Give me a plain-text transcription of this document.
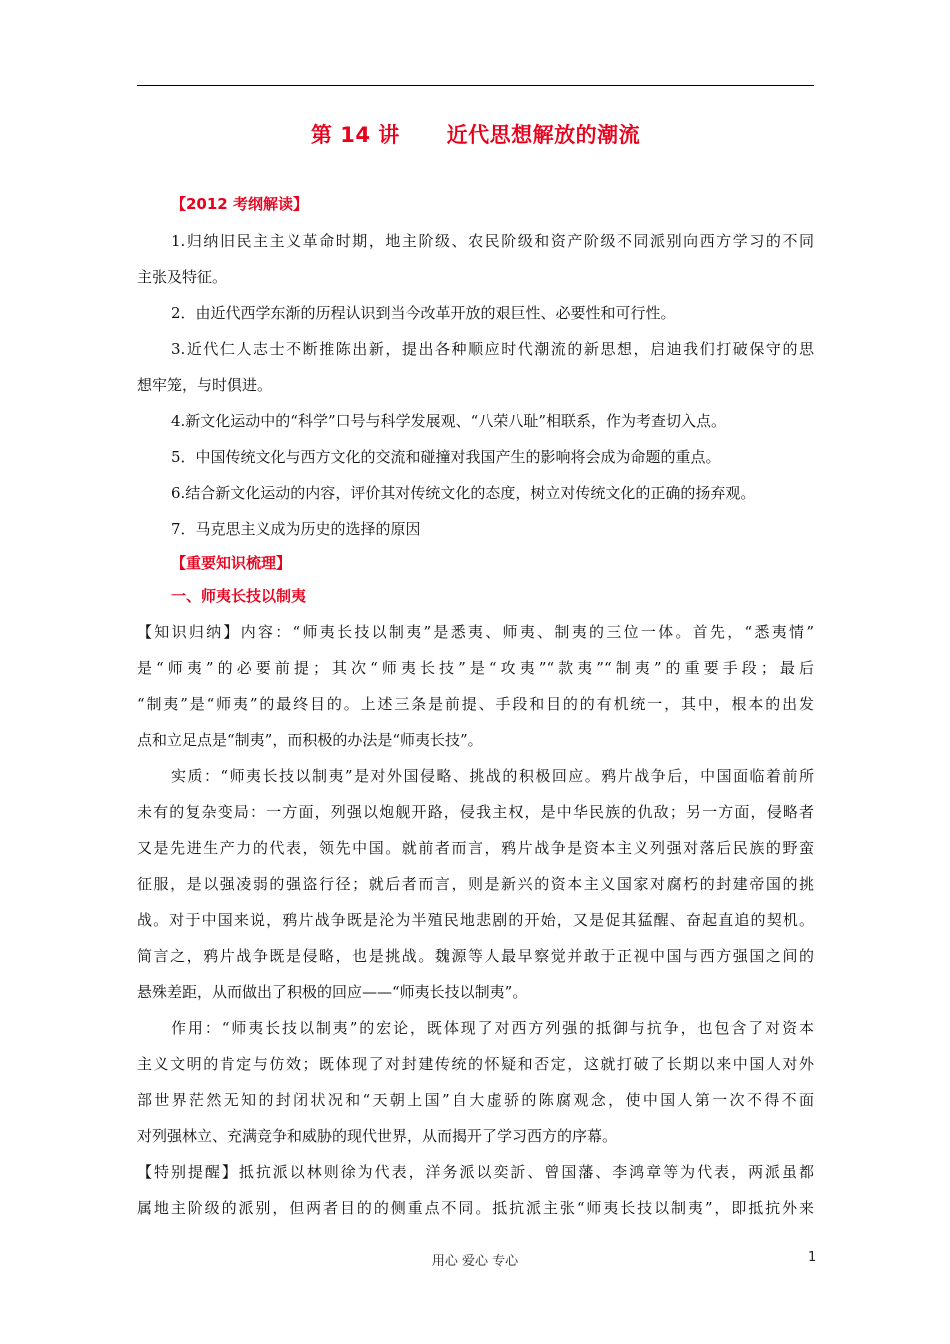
第 14 讲      近代思想解放的潮流
【2012 考纲解读】
1.归纳旧民主主义革命时期，地主阶级、农民阶级和资产阶级不同派别向西方学习的不同
主张及特征。
2．由近代西学东渐的历程认识到当今改革开放的艰巨性、必要性和可行性。
3.近代仁人志士不断推陈出新，提出各种顺应时代潮流的新思想，启迪我们打破保守的思
想牢笼，与时俱进。
4.新文化运动中的“科学”口号与科学发展观、“八荣八耻”相联系，作为考查切入点。
5．中国传统文化与西方文化的交流和碰撞对我国产生的影响将会成为命题的重点。
6.结合新文化运动的内容，评价其对传统文化的态度，树立对传统文化的正确的扬弃观。
7．马克思主义成为历史的选择的原因
【重要知识梳理】
一、师夷长技以制夷
【知识归纳】内容：“师夷长技以制夷”是悉夷、师夷、制夷的三位一体。首先，“悉夷情”
是“师夷”的必要前提；其次“师夷长技”是“攻夷”“款夷”“制夷”的重要手段；最后
“制夷”是“师夷”的最终目的。上述三条是前提、手段和目的的有机统一，其中，根本的出发
点和立足点是“制夷”，而积极的办法是“师夷长技”。
实质：“师夷长技以制夷”是对外国侵略、挑战的积极回应。鸦片战争后，中国面临着前所
未有的复杂变局：一方面，列强以炮舰开路，侵我主权，是中华民族的仇敌；另一方面，侵略者
又是先进生产力的代表，领先中国。就前者而言，鸦片战争是资本主义列强对落后民族的野蛮
征服，是以强凌弱的强盗行径；就后者而言，则是新兴的资本主义国家对腐朽的封建帝国的挑
战。对于中国来说，鸦片战争既是沦为半殖民地悲剧的开始，又是促其猛醒、奋起直追的契机。
简言之，鸦片战争既是侵略，也是挑战。魏源等人最早察觉并敢于正视中国与西方强国之间的
悬殊差距，从而做出了积极的回应——“师夷长技以制夷”。
作用：“师夷长技以制夷”的宏论，既体现了对西方列强的抵御与抗争，也包含了对资本
主义文明的肯定与仿效；既体现了对封建传统的怀疑和否定，这就打破了长期以来中国人对外
部世界茫然无知的封闭状况和“天朝上国”自大虚骄的陈腐观念，使中国人第一次不得不面
对列强林立、充满竞争和威胁的现代世界，从而揭开了学习西方的序幕。
【特别提醒】抵抗派以林则徐为代表，洋务派以奕訢、曾国藩、李鸿章等为代表，两派虽都
属地主阶级的派别，但两者目的的侧重点不同。抵抗派主张“师夷长技以制夷”，即抵抗外来
用心 爱心 专心	1
